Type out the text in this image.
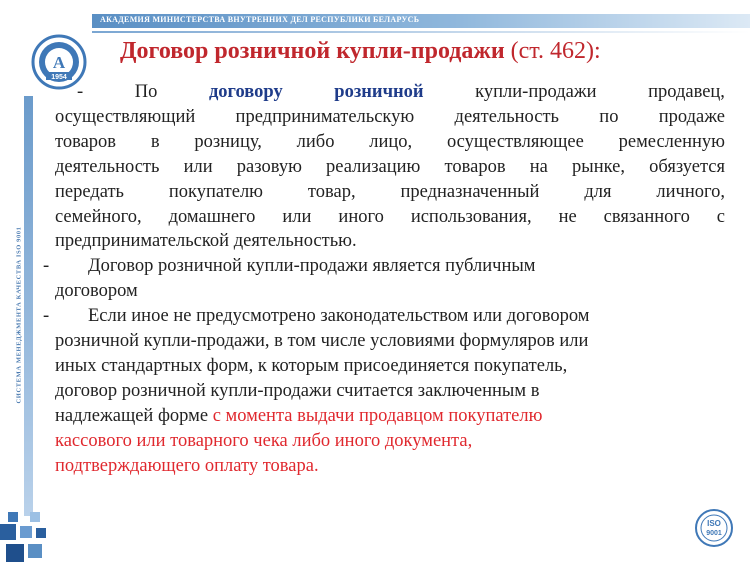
АКАДЕМИЯ МИНИСТЕРСТВА ВНУТРЕННИХ ДЕЛ РЕСПУБЛИКИ БЕЛАРУСЬ
A
1954
СИСТЕМА МЕНЕДЖМЕНТА КАЧЕСТВА ISO 9001
Договор розничной купли-продажи (ст. 462):
-	По	договору	розничной	купли-продажи	продавец,
осуществляющий предпринимательскую деятельность по продаже
товаров в розницу, либо лицо, осуществляющее ремесленную
деятельность или разовую реализацию товаров на рынке, обязуется
передать покупателю товар, предназначенный для личного,
семейного, домашнего или иного использования, не связанного с
предпринимательской деятельностью.
-	Договор розничной купли-продажи является публичным
договором
-	Если иное не предусмотрено законодательством или договором
розничной купли-продажи, в том числе условиями формуляров или
иных стандартных форм, к которым присоединяется покупатель,
договор розничной купли-продажи считается заключенным в
надлежащей форме с момента выдачи продавцом покупателю
кассового или товарного чека либо иного документа,
подтверждающего оплату товара.
ISO
9001
